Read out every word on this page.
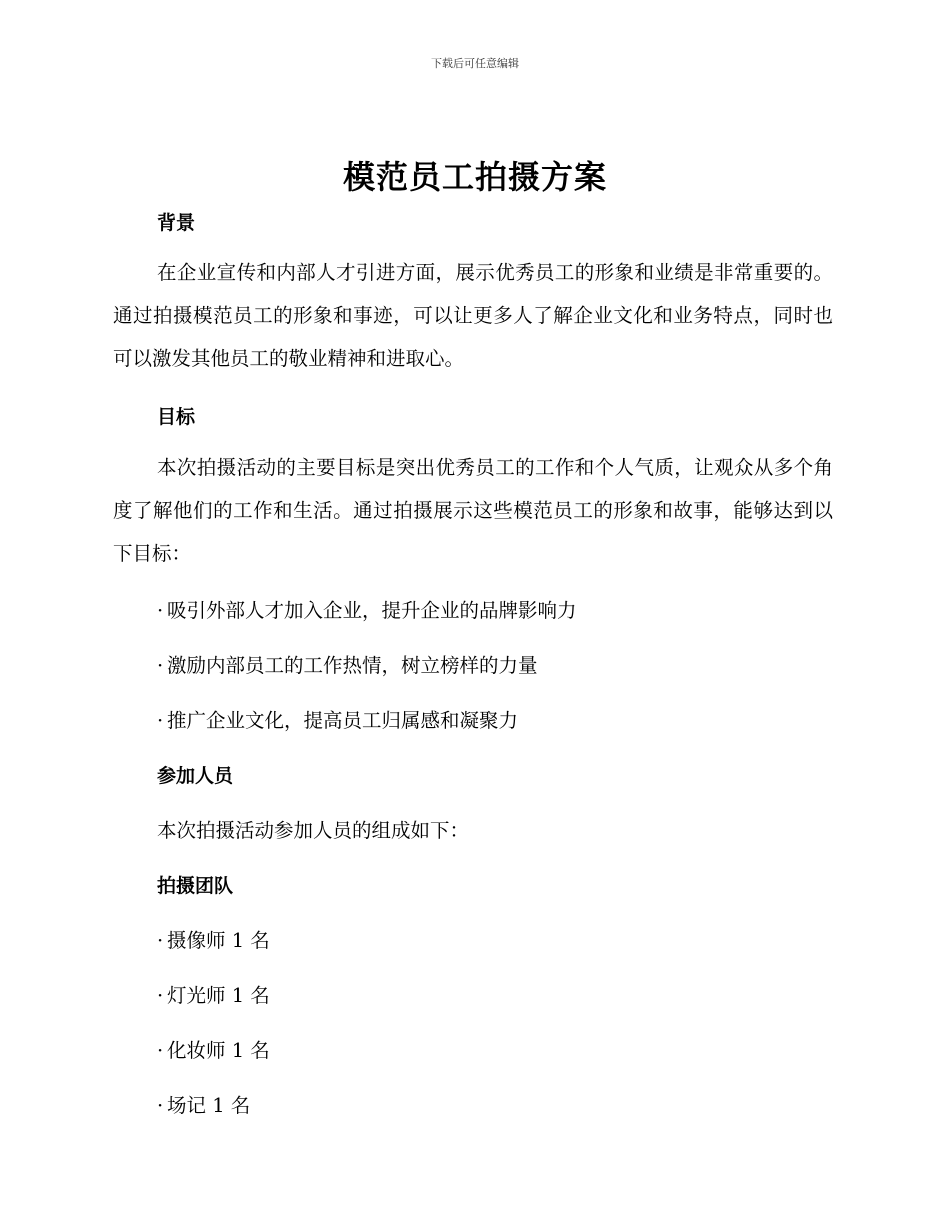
下载后可任意编辑
模范员工拍摄方案
背景
在企业宣传和内部人才引进方面，展示优秀员工的形象和业绩是非常重要的。通过拍摄模范员工的形象和事迹，可以让更多人了解企业文化和业务特点，同时也可以激发其他员工的敬业精神和进取心。
目标
本次拍摄活动的主要目标是突出优秀员工的工作和个人气质，让观众从多个角度了解他们的工作和生活。通过拍摄展示这些模范员工的形象和故事，能够达到以下目标：
· 吸引外部人才加入企业，提升企业的品牌影响力
· 激励内部员工的工作热情，树立榜样的力量
· 推广企业文化，提高员工归属感和凝聚力
参加人员
本次拍摄活动参加人员的组成如下：
拍摄团队
· 摄像师 1 名
· 灯光师 1 名
· 化妆师 1 名
· 场记 1 名
